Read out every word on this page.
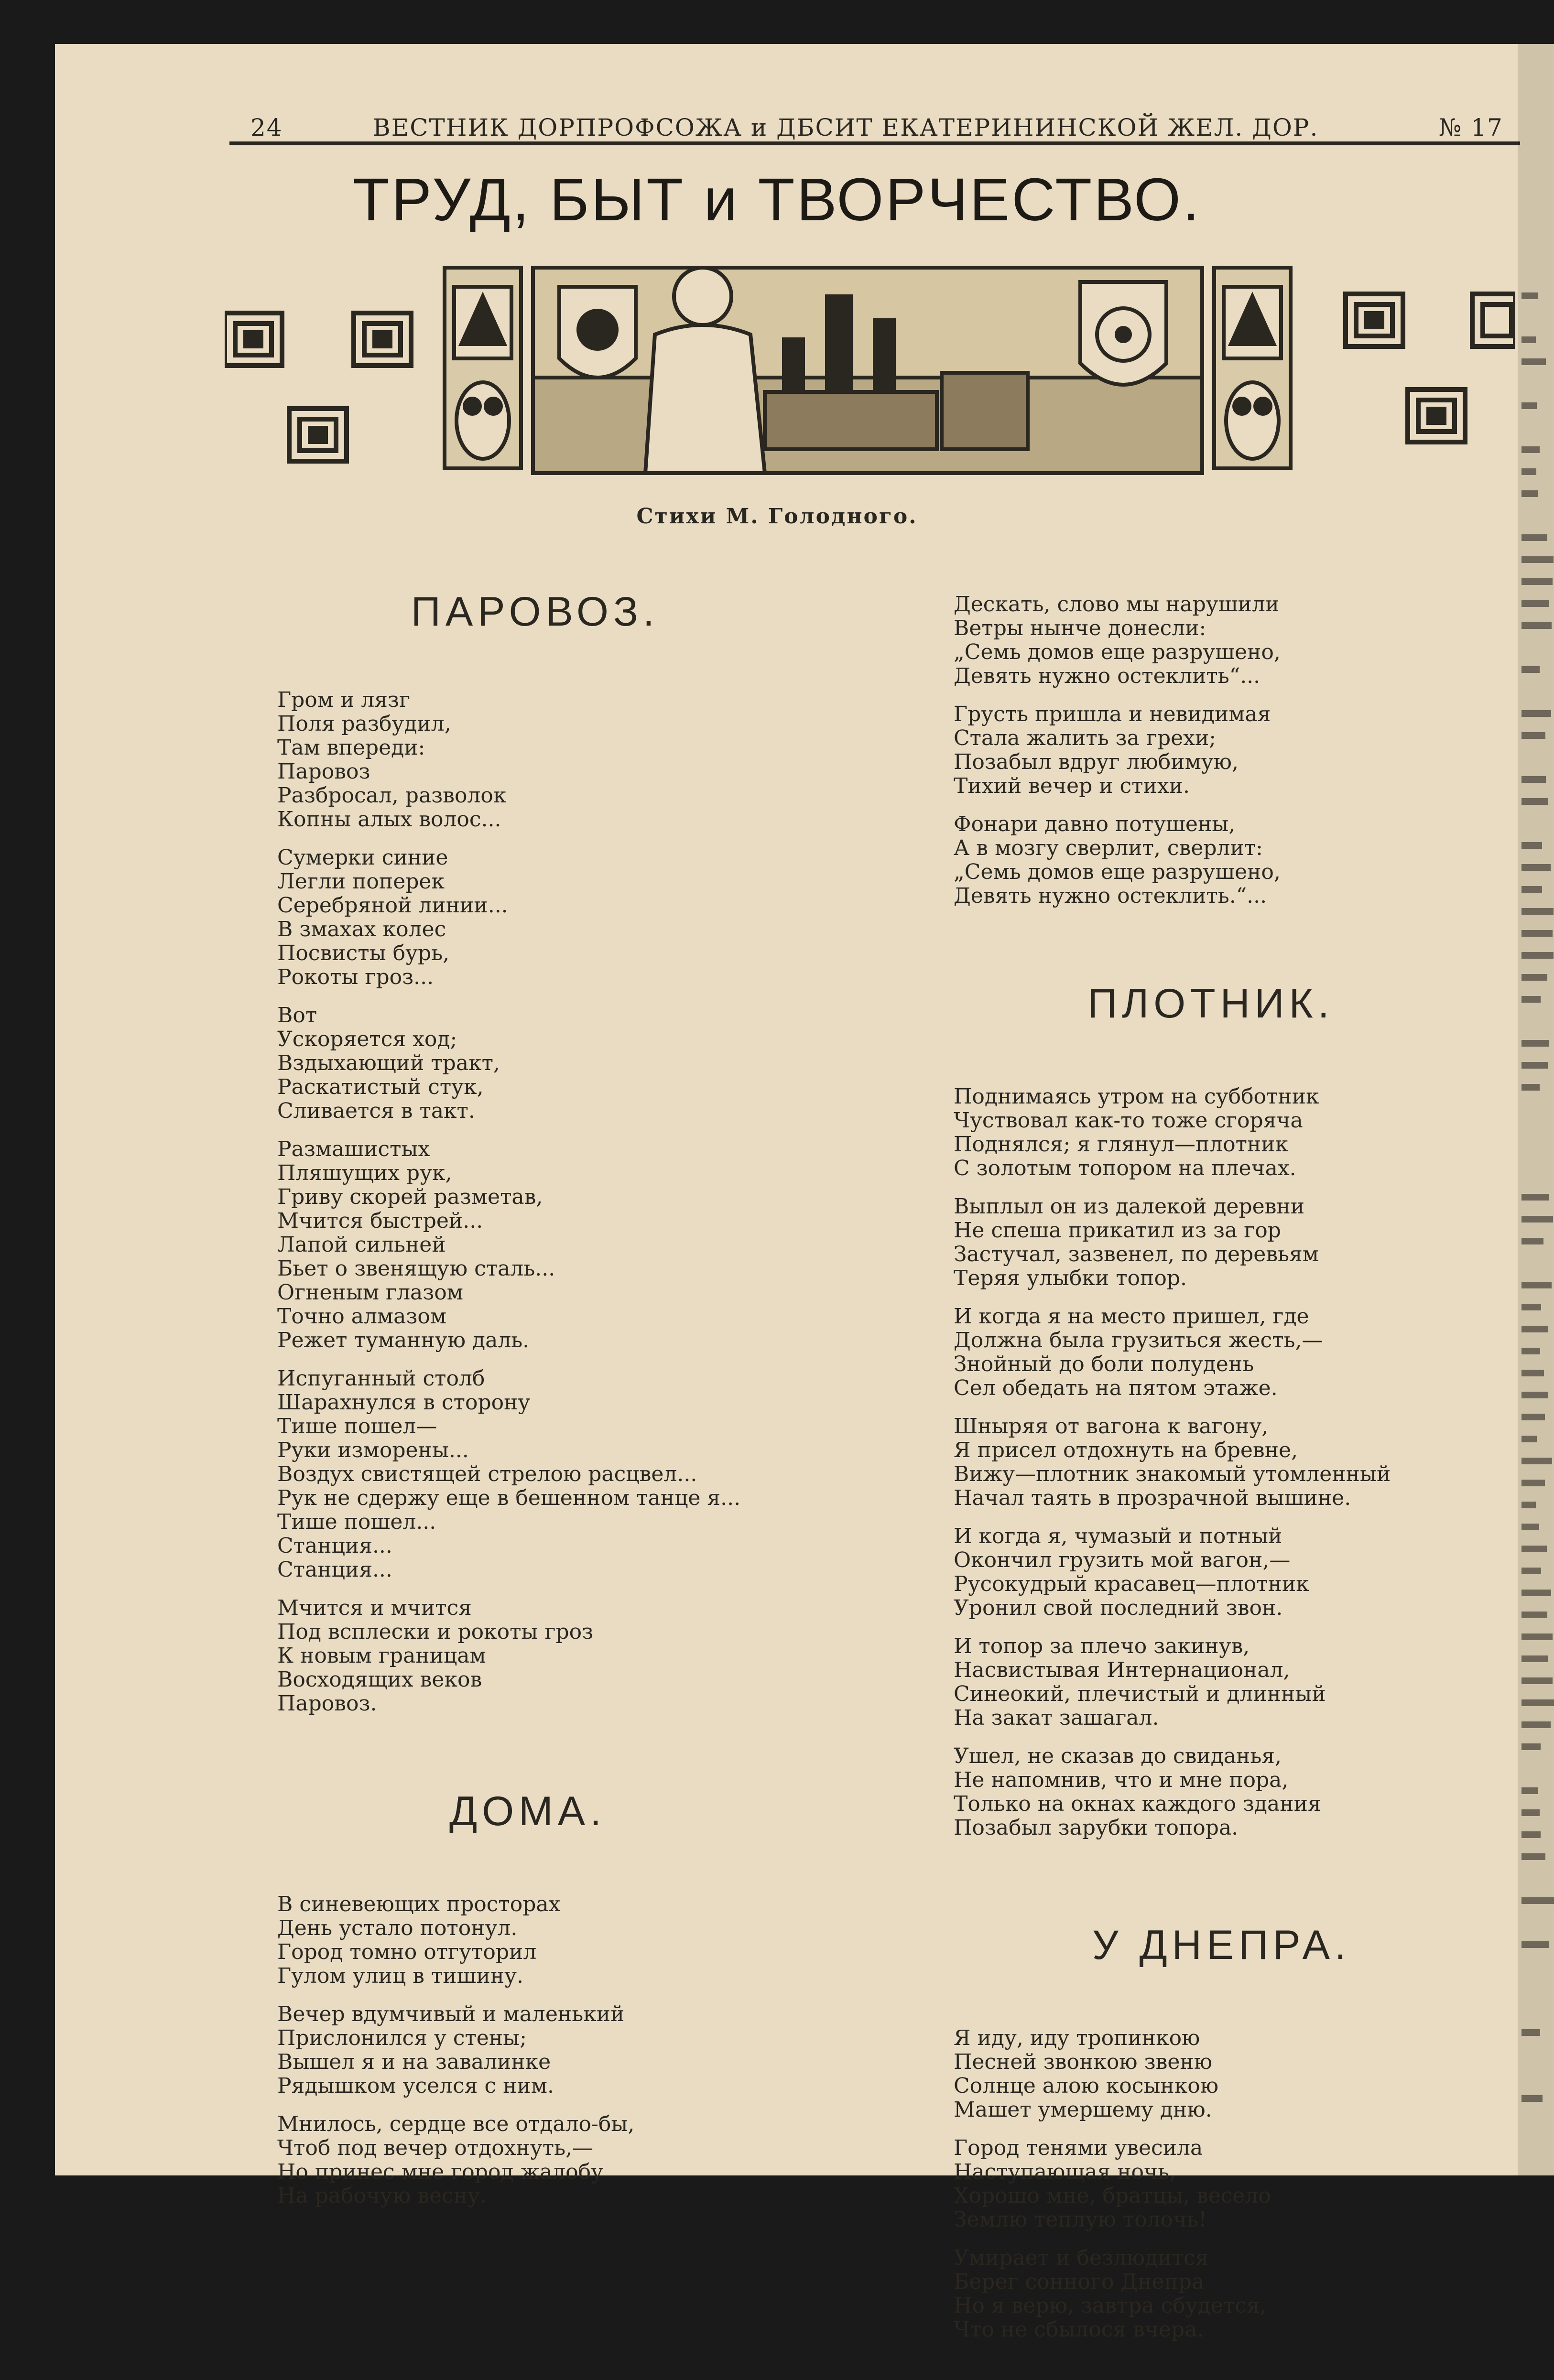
24	ВЕСТНИК ДОРПРОФСОЖА и ДБСИТ ЕКАТЕРИНИНСКОЙ ЖЕЛ. ДОР.	№ 17
ТРУД, БЫТ и ТВОРЧЕСТВО.
Стихи М. Голодного.

ПАРОВОЗ.

Гром и лязг
Поля разбудил,
Там впереди:
Паровоз
Разбросал, разволок
Копны алых волос...
Сумерки синие
Легли поперек
Серебряной линии...
В змахах колес
Посвисты бурь,
Рокоты гроз...
Вот
Ускоряется ход;
Вздыхающий тракт,
Раскатистый стук,
Сливается в такт.
Размашистых
Пляшущих рук,
Гриву скорей разметав,
Мчится быстрей...
Лапой сильней
Бьет о звенящую сталь...
Огненым глазом
Точно алмазом
Режет туманную даль.
Испуганный столб
Шарахнулся в сторону
Тише пошел—
Руки изморены...
Воздух свистящей стрелою расцвел...
Рук не сдержу еще в бешенном танце я...
Тише пошел...
Станция...
Станция...
Мчится и мчится
Под всплески и рокоты гроз
К новым границам
Восходящих веков
Паровоз.

ДОМА.

В синевеющих просторах
День устало потонул.
Город томно отгуторил
Гулом улиц в тишину.
Вечер вдумчивый и маленький
Прислонился у стены;
Вышел я и на завалинке
Рядышком уселся с ним.
Мнилось, сердце все отдало-бы,
Чтоб под вечер отдохнуть,—
Но принес мне город жалобу
На рабочую весну.

Дескать, слово мы нарушили
Ветры нынче донесли:
„Семь домов еще разрушено,
Девять нужно остеклить“...
Грусть пришла и невидимая
Стала жалить за грехи;
Позабыл вдруг любимую,
Тихий вечер и стихи.
Фонари давно потушены,
А в мозгу сверлит, сверлит:
„Семь домов еще разрушено,
Девять нужно остеклить.“...

ПЛОТНИК.

Поднимаясь утром на субботник
Чуствовал как-то тоже сгоряча
Поднялся; я глянул—плотник
С золотым топором на плечах.
Выплыл он из далекой деревни
Не спеша прикатил из за гор
Застучал, зазвенел, по деревьям
Теряя улыбки топор.
И когда я на место пришел, где
Должна была грузиться жесть,—
Знойный до боли полудень
Сел обедать на пятом этаже.
Шныряя от вагона к вагону,
Я присел отдохнуть на бревне,
Вижу—плотник знакомый утомленный
Начал таять в прозрачной вышине.
И когда я, чумазый и потный
Окончил грузить мой вагон,—
Русокудрый красавец—плотник
Уронил свой последний звон.
И топор за плечо закинув,
Насвистывая Интернационал,
Синеокий, плечистый и длинный
На закат зашагал.
Ушел, не сказав до свиданья,
Не напомнив, что и мне пора,
Только на окнах каждого здания
Позабыл зарубки топора.

У ДНЕПРА.

Я иду, иду тропинкою
Песней звонкою звеню
Солнце алою косынкою
Машет умершему дню.
Город тенями увесила
Наступающая ночь,
Хорошо мне, братцы, весело
Землю теплую толочь!
Умирает и безлюдится
Берег сонного Днепра
Но я верю, завтра сбудется,
Что не сбылося вчера.
